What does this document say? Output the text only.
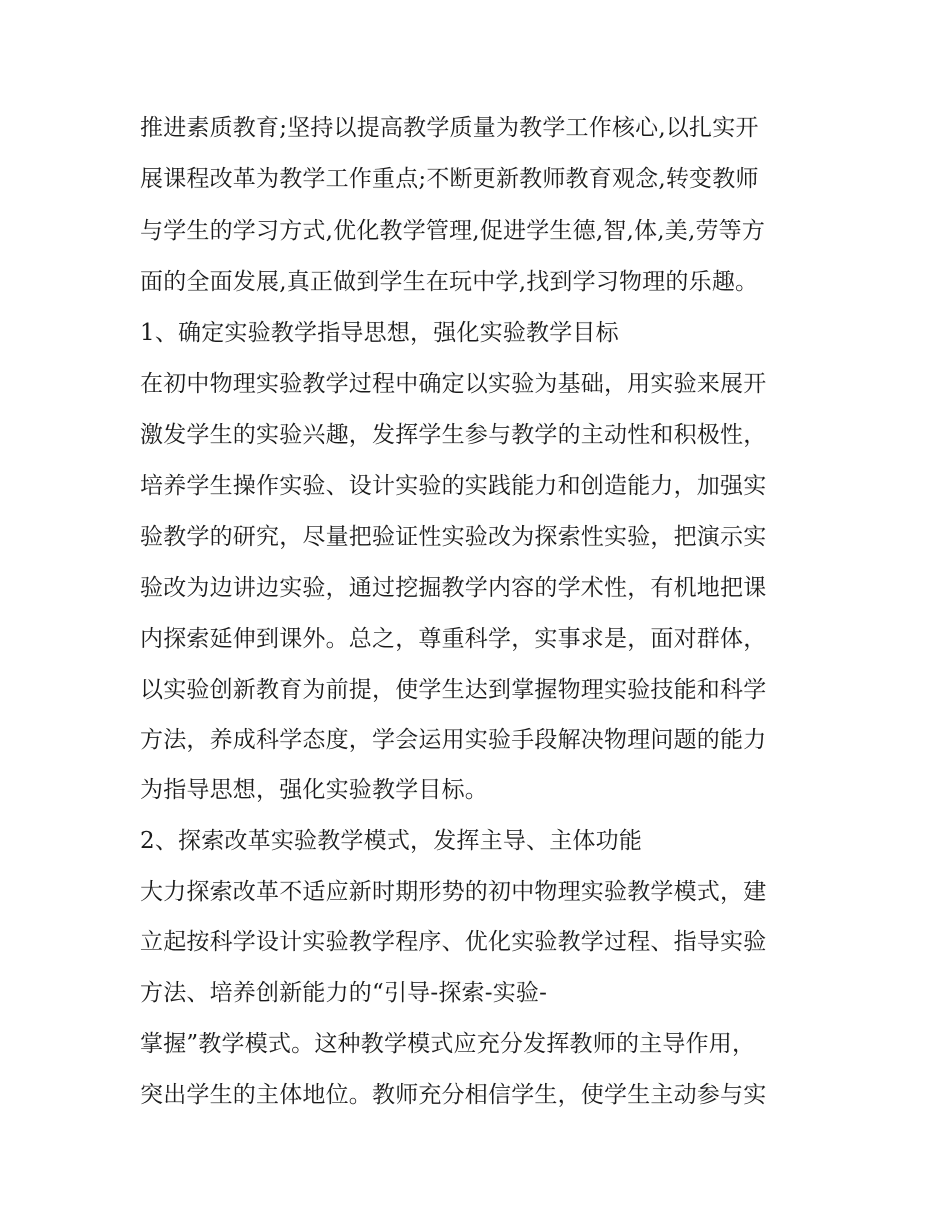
推进素质教育;坚持以提高教学质量为教学工作核心,以扎实开
展课程改革为教学工作重点;不断更新教师教育观念,转变教师
与学生的学习方式,优化教学管理,促进学生德,智,体,美,劳等方
面的全面发展,真正做到学生在玩中学,找到学习物理的乐趣。
1、确定实验教学指导思想，强化实验教学目标
在初中物理实验教学过程中确定以实验为基础，用实验来展开
激发学生的实验兴趣，发挥学生参与教学的主动性和积极性，
培养学生操作实验、设计实验的实践能力和创造能力，加强实
验教学的研究，尽量把验证性实验改为探索性实验，把演示实
验改为边讲边实验，通过挖掘教学内容的学术性，有机地把课
内探索延伸到课外。总之，尊重科学，实事求是，面对群体，
以实验创新教育为前提，使学生达到掌握物理实验技能和科学
方法，养成科学态度，学会运用实验手段解决物理问题的能力
为指导思想，强化实验教学目标。
2、探索改革实验教学模式，发挥主导、主体功能
大力探索改革不适应新时期形势的初中物理实验教学模式，建
立起按科学设计实验教学程序、优化实验教学过程、指导实验
方法、培养创新能力的“引导-探索-实验-
掌握”教学模式。这种教学模式应充分发挥教师的主导作用，
突出学生的主体地位。教师充分相信学生，使学生主动参与实
